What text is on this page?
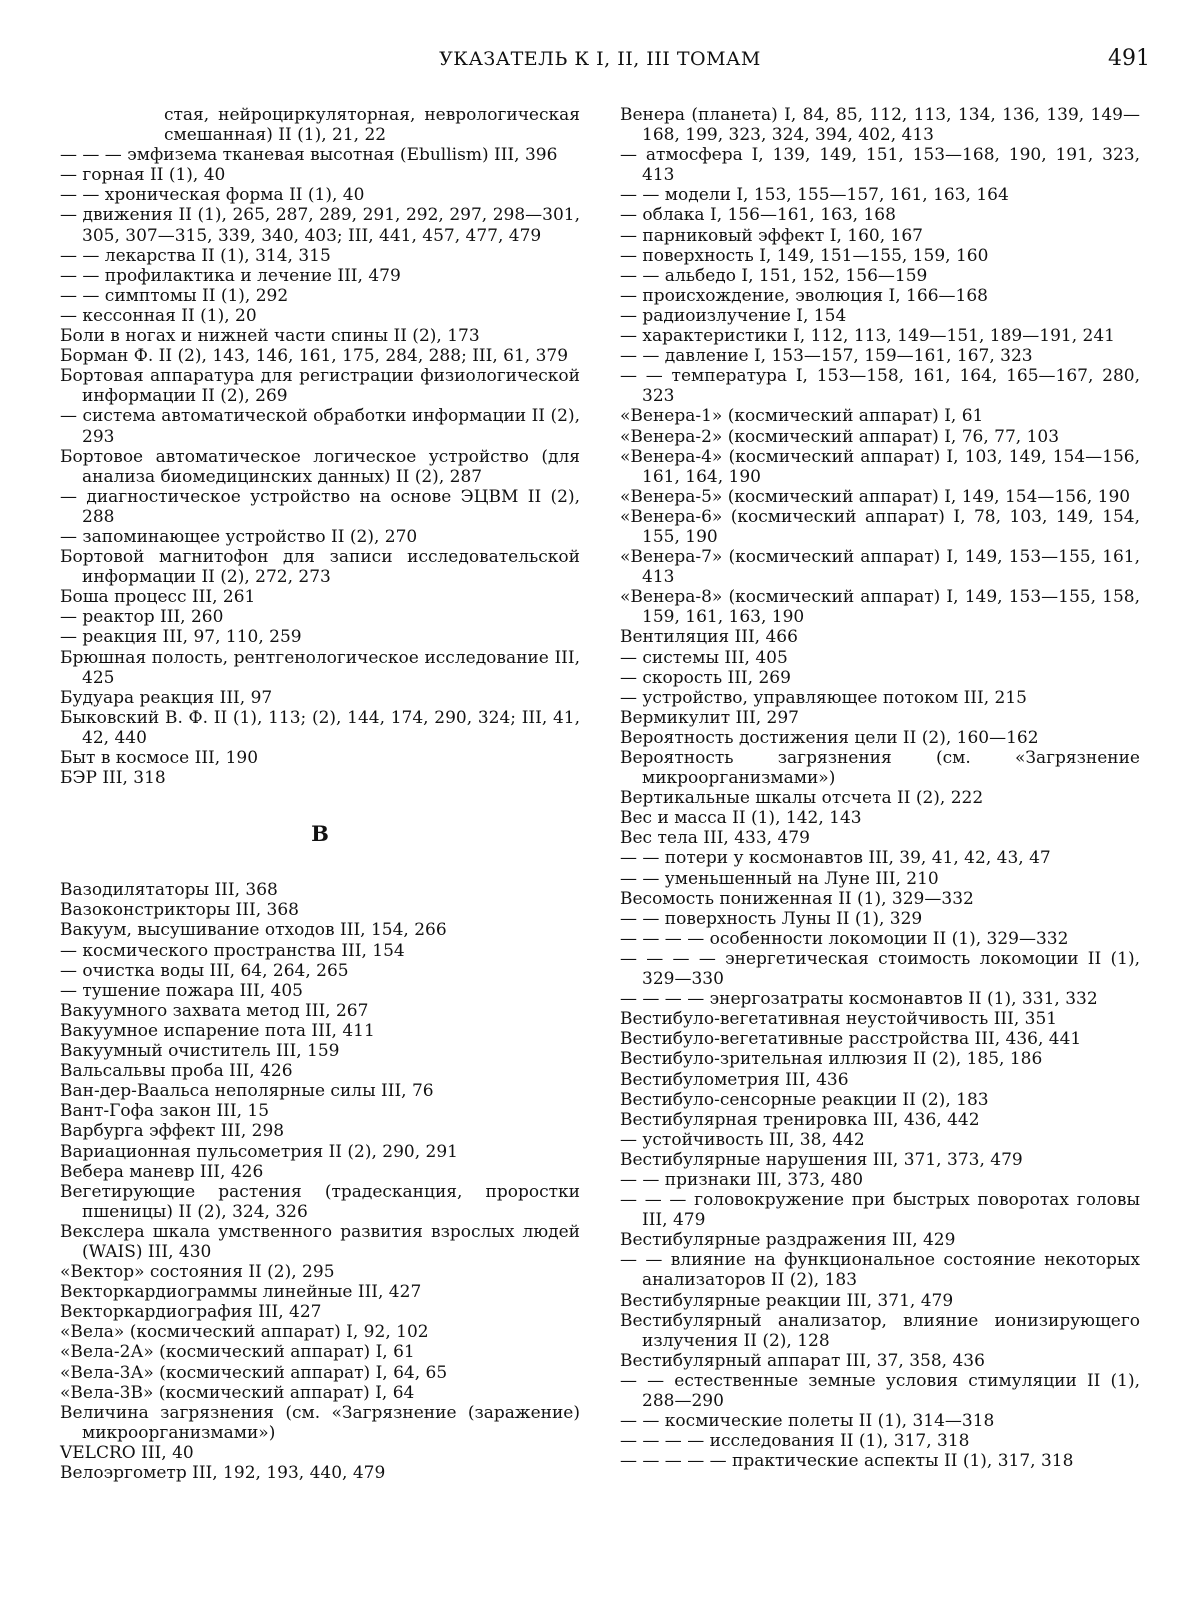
УКАЗАТЕЛЬ К I, II, III ТОМАМ	491

стая, нейроциркуляторная, неврологическая смешанная) II (1), 21, 22

— — — эмфизема тканевая высотная (Ebullism) III, 396

— горная II (1), 40

— — хроническая форма II (1), 40

— движения II (1), 265, 287, 289, 291, 292, 297, 298—301, 305, 307—315, 339, 340, 403; III, 441, 457, 477, 479

— — лекарства II (1), 314, 315

— — профилактика и лечение III, 479

— — симптомы II (1), 292

— кессонная II (1), 20

Боли в ногах и нижней части спины II (2), 173

Борман Ф. II (2), 143, 146, 161, 175, 284, 288; III, 61, 379

Бортовая аппаратура для регистрации физиологической информации II (2), 269

— система автоматической обработки информации II (2), 293

Бортовое автоматическое логическое устройство (для анализа биомедицинских данных) II (2), 287

— диагностическое устройство на основе ЭЦВМ II (2), 288

— запоминающее устройство II (2), 270

Бортовой магнитофон для записи исследовательской информации II (2), 272, 273

Боша процесс III, 261

— реактор III, 260

— реакция III, 97, 110, 259

Брюшная полость, рентгенологическое исследование III, 425

Будуара реакция III, 97

Быковский В. Ф. II (1), 113; (2), 144, 174, 290, 324; III, 41, 42, 440

Быт в космосе III, 190

БЭР III, 318

В

Вазодилятаторы III, 368

Вазоконстрикторы III, 368

Вакуум, высушивание отходов III, 154, 266

— космического пространства III, 154

— очистка воды III, 64, 264, 265

— тушение пожара III, 405

Вакуумного захвата метод III, 267

Вакуумное испарение пота III, 411

Вакуумный очиститель III, 159

Вальсальвы проба III, 426

Ван-дер-Ваальса неполярные силы III, 76

Вант-Гофа закон III, 15

Варбурга эффект III, 298

Вариационная пульсометрия II (2), 290, 291

Вебера маневр III, 426

Вегетирующие растения (традесканция, проростки пшеницы) II (2), 324, 326

Векслера шкала умственного развития взрослых людей (WAIS) III, 430

«Вектор» состояния II (2), 295

Векторкардиограммы линейные III, 427

Векторкардиография III, 427

«Вела» (космический аппарат) I, 92, 102

«Вела-2А» (космический аппарат) I, 61

«Вела-3А» (космический аппарат) I, 64, 65

«Вела-3В» (космический аппарат) I, 64

Величина загрязнения (см. «Загрязнение (заражение) микроорганизмами»)

VELCRO III, 40

Велоэргометр III, 192, 193, 440, 479

Венера (планета) I, 84, 85, 112, 113, 134, 136, 139, 149—168, 199, 323, 324, 394, 402, 413

— атмосфера I, 139, 149, 151, 153—168, 190, 191, 323, 413

— — модели I, 153, 155—157, 161, 163, 164

— облака I, 156—161, 163, 168

— парниковый эффект I, 160, 167

— поверхность I, 149, 151—155, 159, 160

— — альбедо I, 151, 152, 156—159

— происхождение, эволюция I, 166—168

— радиоизлучение I, 154

— характеристики I, 112, 113, 149—151, 189—191, 241

— — давление I, 153—157, 159—161, 167, 323

— — температура I, 153—158, 161, 164, 165—167, 280, 323

«Венера-1» (космический аппарат) I, 61

«Венера-2» (космический аппарат) I, 76, 77, 103

«Венера-4» (космический аппарат) I, 103, 149, 154—156, 161, 164, 190

«Венера-5» (космический аппарат) I, 149, 154—156, 190

«Венера-6» (космический аппарат) I, 78, 103, 149, 154, 155, 190

«Венера-7» (космический аппарат) I, 149, 153—155, 161, 413

«Венера-8» (космический аппарат) I, 149, 153—155, 158, 159, 161, 163, 190

Вентиляция III, 466

— системы III, 405

— скорость III, 269

— устройство, управляющее потоком III, 215

Вермикулит III, 297

Вероятность достижения цели II (2), 160—162

Вероятность загрязнения (см. «Загрязнение микроорганизмами»)

Вертикальные шкалы отсчета II (2), 222

Вес и масса II (1), 142, 143

Вес тела III, 433, 479

— — потери у космонавтов III, 39, 41, 42, 43, 47

— — уменьшенный на Луне III, 210

Весомость пониженная II (1), 329—332

— — поверхность Луны II (1), 329

— — — — особенности локомоции II (1), 329—332

— — — — энергетическая стоимость локомоции II (1), 329—330

— — — — энергозатраты космонавтов II (1), 331, 332

Вестибуло-вегетативная неустойчивость III, 351

Вестибуло-вегетативные расстройства III, 436, 441

Вестибуло-зрительная иллюзия II (2), 185, 186

Вестибулометрия III, 436

Вестибуло-сенсорные реакции II (2), 183

Вестибулярная тренировка III, 436, 442

— устойчивость III, 38, 442

Вестибулярные нарушения III, 371, 373, 479

— — признаки III, 373, 480

— — — головокружение при быстрых поворотах головы III, 479

Вестибулярные раздражения III, 429

— — влияние на функциональное состояние некоторых анализаторов II (2), 183

Вестибулярные реакции III, 371, 479

Вестибулярный анализатор, влияние ионизирующего излучения II (2), 128

Вестибулярный аппарат III, 37, 358, 436

— — естественные земные условия стимуляции II (1), 288—290

— — космические полеты II (1), 314—318

— — — — исследования II (1), 317, 318

— — — — — практические аспекты II (1), 317, 318
